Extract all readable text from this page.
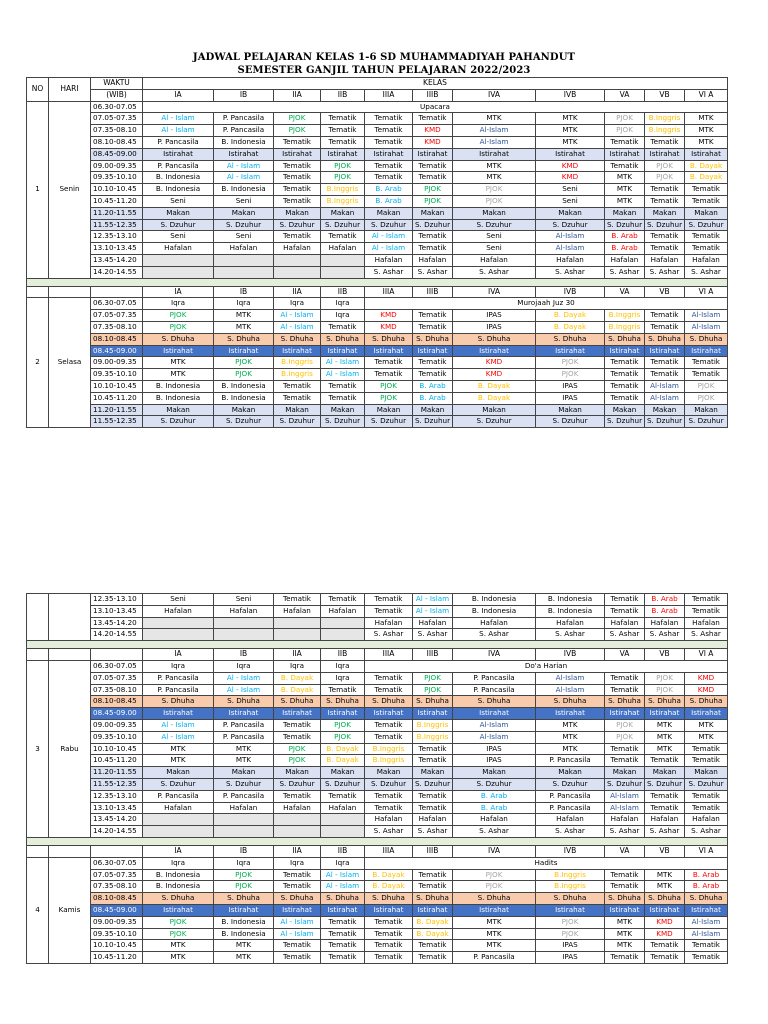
JADWAL PELAJARAN KELAS 1-6 SD MUHAMMADIYAH PAHANDUT
SEMESTER GANJIL TAHUN PELAJARAN 2022/2023
NO	HARI	WAKTU	KELAS										
		(WIB)	IA	IB	IIA	IIB	IIIA	IIIB	IVA	IVB	VA	VB	VI A
1	Senin	06.30-07.05	Upacara										
		07.05-07.35	Al - Islam	P. Pancasila	PJOK	Tematik	Tematik	Tematik	MTK	MTK	PJOK	B.Inggris	MTK
		07.35-08.10	Al - Islam	P. Pancasila	PJOK	Tematik	Tematik	KMD	Al-Islam	MTK	PJOK	B.Inggris	MTK
		08.10-08.45	P. Pancasila	B. Indonesia	Tematik	Tematik	Tematik	KMD	Al-Islam	MTK	Tematik	Tematik	MTK
		08.45-09.00	Istirahat	Istirahat	Istirahat	Istirahat	Istirahat	Istirahat	Istirahat	Istirahat	Istirahat	Istirahat	Istirahat
		09.00-09.35	P. Pancasila	Al - Islam	Tematik	PJOK	Tematik	Tematik	MTK	KMD	Tematik	PJOK	B. Dayak
		09.35-10.10	B. Indonesia	Al - Islam	Tematik	PJOK	Tematik	Tematik	MTK	KMD	MTK	PJOK	B. Dayak
		10.10-10.45	B. Indonesia	B. Indonesia	Tematik	B.Inggris	B. Arab	PJOK	PJOK	Seni	MTK	Tematik	Tematik
		10.45-11.20	Seni	Seni	Tematik	B.Inggris	B. Arab	PJOK	PJOK	Seni	MTK	Tematik	Tematik
		11.20-11.55	Makan	Makan	Makan	Makan	Makan	Makan	Makan	Makan	Makan	Makan	Makan
		11.55-12.35	S. Dzuhur	S. Dzuhur	S. Dzuhur	S. Dzuhur	S. Dzuhur	S. Dzuhur	S. Dzuhur	S. Dzuhur	S. Dzuhur	S. Dzuhur	S. Dzuhur
		12.35-13.10	Seni	Seni	Tematik	Tematik	Al - Islam	Tematik	Seni	Al-Islam	B. Arab	Tematik	Tematik
		13.10-13.45	Hafalan	Hafalan	Hafalan	Hafalan	Al - Islam	Tematik	Seni	Al-Islam	B. Arab	Tematik	Tematik
		13.45-14.20					Hafalan	Hafalan	Hafalan	Hafalan	Hafalan	Hafalan	Hafalan
		14.20-14.55					S. Ashar	S. Ashar	S. Ashar	S. Ashar	S. Ashar	S. Ashar	S. Ashar

			IA	IB	IIA	IIB	IIIA	IIIB	IVA	IVB	VA	VB	VI A
2	Selasa	06.30-07.05	Iqra	Iqra	Iqra	Iqra	Murojaah Juz 30						
		07.05-07.35	PJOK	MTK	Al - Islam	Iqra	KMD	Tematik	IPAS	B. Dayak	B.Inggris	Tematik	Al-Islam
		07.35-08.10	PJOK	MTK	Al - Islam	Tematik	KMD	Tematik	IPAS	B. Dayak	B.Inggris	Tematik	Al-Islam
		08.10-08.45	S. Dhuha	S. Dhuha	S. Dhuha	S. Dhuha	S. Dhuha	S. Dhuha	S. Dhuha	S. Dhuha	S. Dhuha	S. Dhuha	S. Dhuha
		08.45-09.00	Istirahat	Istirahat	Istirahat	Istirahat	Istirahat	Istirahat	Istirahat	Istirahat	Istirahat	Istirahat	Istirahat
		09.00-09.35	MTK	PJOK	B.Inggris	Al - Islam	Tematik	Tematik	KMD	PJOK	Tematik	Tematik	Tematik
		09.35-10.10	MTK	PJOK	B.Inggris	Al - Islam	Tematik	Tematik	KMD	PJOK	Tematik	Tematik	Tematik
		10.10-10.45	B. Indonesia	B. Indonesia	Tematik	Tematik	PJOK	B. Arab	B. Dayak	IPAS	Tematik	Al-Islam	PJOK
		10.45-11.20	B. Indonesia	B. Indonesia	Tematik	Tematik	PJOK	B. Arab	B. Dayak	IPAS	Tematik	Al-Islam	PJOK
		11.20-11.55	Makan	Makan	Makan	Makan	Makan	Makan	Makan	Makan	Makan	Makan	Makan
		11.55-12.35	S. Dzuhur	S. Dzuhur	S. Dzuhur	S. Dzuhur	S. Dzuhur	S. Dzuhur	S. Dzuhur	S. Dzuhur	S. Dzuhur	S. Dzuhur	S. Dzuhur
		12.35-13.10	Seni	Seni	Tematik	Tematik	Tematik	Al - Islam	B. Indonesia	B. Indonesia	Tematik	B. Arab	Tematik
		13.10-13.45	Hafalan	Hafalan	Hafalan	Hafalan	Tematik	Al - Islam	B. Indonesia	B. Indonesia	Tematik	B. Arab	Tematik
		13.45-14.20					Hafalan	Hafalan	Hafalan	Hafalan	Hafalan	Hafalan	Hafalan
		14.20-14.55					S. Ashar	S. Ashar	S. Ashar	S. Ashar	S. Ashar	S. Ashar	S. Ashar

			IA	IB	IIA	IIB	IIIA	IIIB	IVA	IVB	VA	VB	VI A
3	Rabu	06.30-07.05	Iqra	Iqra	Iqra	Iqra	Do'a Harian						
		07.05-07.35	P. Pancasila	Al - Islam	B. Dayak	Iqra	Tematik	PJOK	P. Pancasila	Al-Islam	Tematik	PJOK	KMD
		07.35-08.10	P. Pancasila	Al - Islam	B. Dayak	Tematik	Tematik	PJOK	P. Pancasila	Al-Islam	Tematik	PJOK	KMD
		08.10-08.45	S. Dhuha	S. Dhuha	S. Dhuha	S. Dhuha	S. Dhuha	S. Dhuha	S. Dhuha	S. Dhuha	S. Dhuha	S. Dhuha	S. Dhuha
		08.45-09.00	Istirahat	Istirahat	Istirahat	Istirahat	Istirahat	Istirahat	Istirahat	Istirahat	Istirahat	Istirahat	Istirahat
		09.00-09.35	Al - Islam	P. Pancasila	Tematik	PJOK	Tematik	B.Inggris	Al-Islam	MTK	PJOK	MTK	MTK
		09.35-10.10	Al - Islam	P. Pancasila	Tematik	PJOK	Tematik	B.Inggris	Al-Islam	MTK	PJOK	MTK	MTK
		10.10-10.45	MTK	MTK	PJOK	B. Dayak	B.Inggris	Tematik	IPAS	MTK	Tematik	MTK	Tematik
		10.45-11.20	MTK	MTK	PJOK	B. Dayak	B.Inggris	Tematik	IPAS	P. Pancasila	Tematik	Tematik	Tematik
		11.20-11.55	Makan	Makan	Makan	Makan	Makan	Makan	Makan	Makan	Makan	Makan	Makan
		11.55-12.35	S. Dzuhur	S. Dzuhur	S. Dzuhur	S. Dzuhur	S. Dzuhur	S. Dzuhur	S. Dzuhur	S. Dzuhur	S. Dzuhur	S. Dzuhur	S. Dzuhur
		12.35-13.10	P. Pancasila	P. Pancasila	Tematik	Tematik	Tematik	Tematik	B. Arab	P. Pancasila	Al-Islam	Tematik	Tematik
		13.10-13.45	Hafalan	Hafalan	Hafalan	Hafalan	Tematik	Tematik	B. Arab	P. Pancasila	Al-Islam	Tematik	Tematik
		13.45-14.20					Hafalan	Hafalan	Hafalan	Hafalan	Hafalan	Hafalan	Hafalan
		14.20-14.55					S. Ashar	S. Ashar	S. Ashar	S. Ashar	S. Ashar	S. Ashar	S. Ashar

			IA	IB	IIA	IIB	IIIA	IIIB	IVA	IVB	VA	VB	VI A
4	Kamis	06.30-07.05	Iqra	Iqra	Iqra	Iqra	Hadits						
		07.05-07.35	B. Indonesia	PJOK	Tematik	Al - Islam	B. Dayak	Tematik	PJOK	B.Inggris	Tematik	MTK	B. Arab
		07.35-08.10	B. Indonesia	PJOK	Tematik	Al - Islam	B. Dayak	Tematik	PJOK	B.Inggris	Tematik	MTK	B. Arab
		08.10-08.45	S. Dhuha	S. Dhuha	S. Dhuha	S. Dhuha	S. Dhuha	S. Dhuha	S. Dhuha	S. Dhuha	S. Dhuha	S. Dhuha	S. Dhuha
		08.45-09.00	Istirahat	Istirahat	Istirahat	Istirahat	Istirahat	Istirahat	Istirahat	Istirahat	Istirahat	Istirahat	Istirahat
		09.00-09.35	PJOK	B. Indonesia	Al - Islam	Tematik	Tematik	B. Dayak	MTK	PJOK	MTK	KMD	Al-Islam
		09.35-10.10	PJOK	B. Indonesia	Al - Islam	Tematik	Tematik	B. Dayak	MTK	PJOK	MTK	KMD	Al-Islam
		10.10-10.45	MTK	MTK	Tematik	Tematik	Tematik	Tematik	MTK	IPAS	MTK	Tematik	Tematik
		10.45-11.20	MTK	MTK	Tematik	Tematik	Tematik	Tematik	P. Pancasila	IPAS	Tematik	Tematik	Tematik
